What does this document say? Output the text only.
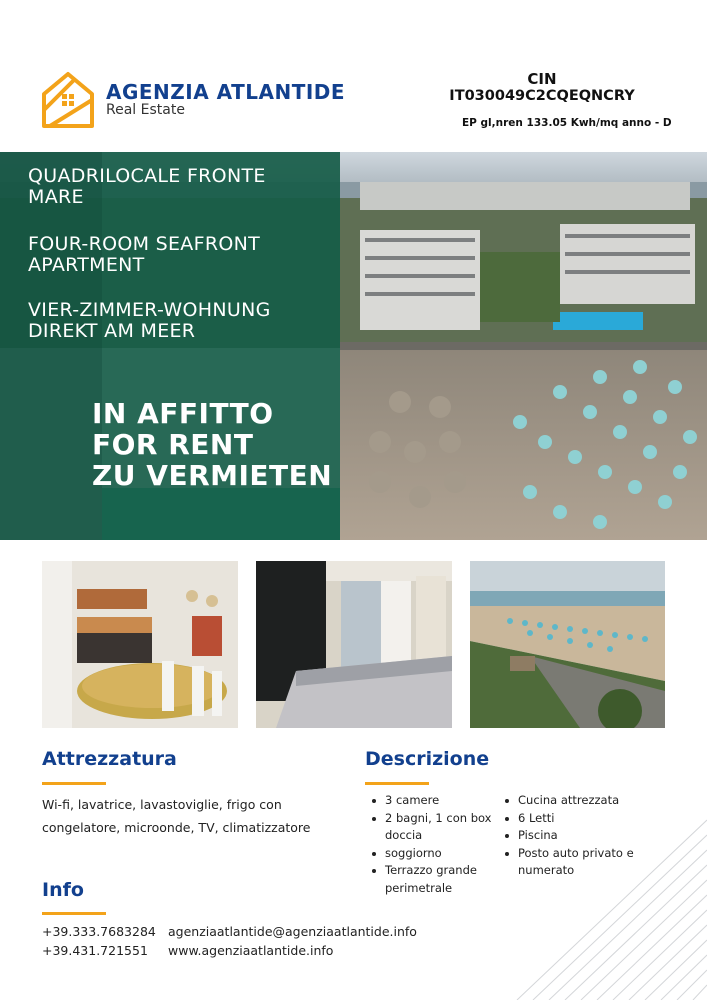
AGENZIA ATLANTIDE
Real Estate
CIN
IT030049C2CQEQNCRY
EP gl,nren 133.05 Kwh/mq anno - D
QUADRILOCALE FRONTE
MARE
FOUR-ROOM SEAFRONT
APARTMENT
VIER-ZIMMER-WOHNUNG
DIREKT AM MEER
IN AFFITTO
FOR RENT
ZU VERMIETEN
Attrezzatura
Wi-fi, lavatrice, lavastoviglie, frigo con congelatore, microonde, TV, climatizzatore
Descrizione
3 camere
2 bagni, 1 con box doccia
soggiorno
Terrazzo grande perimetrale
Cucina attrezzata
6 Letti
Piscina
Posto auto privato e numerato
Info
+39.333.7683284
+39.431.721551
agenziaatlantide@agenziaatlantide.info
www.agenziaatlantide.info
